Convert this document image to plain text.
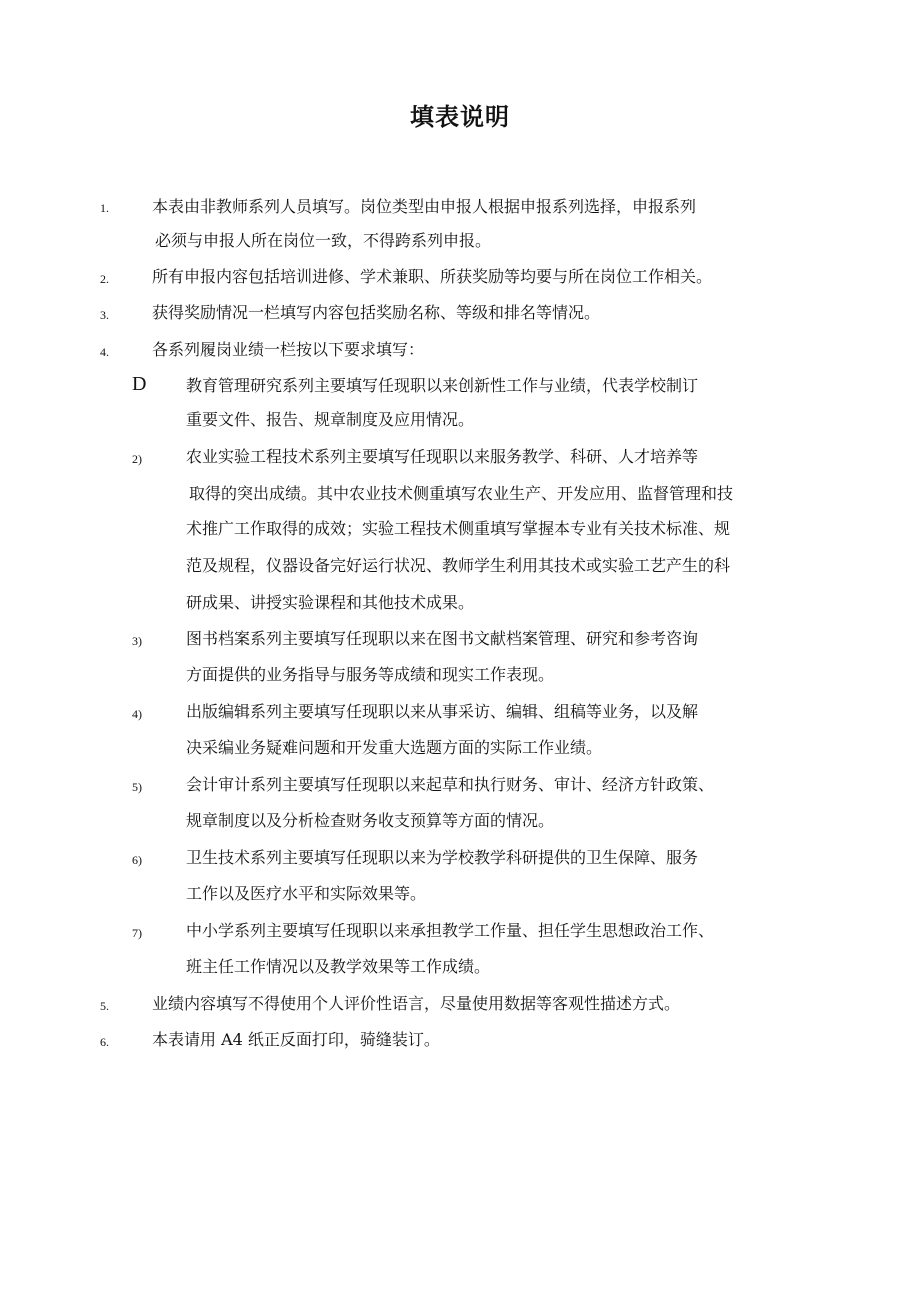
填表说明
1.	本表由非教师系列人员填写。岗位类型由申报人根据申报系列选择，申报系列
必须与申报人所在岗位一致，不得跨系列申报。
2.	所有申报内容包括培训进修、学术兼职、所获奖励等均要与所在岗位工作相关。
3.	获得奖励情况一栏填写内容包括奖励名称、等级和排名等情况。
4.	各系列履岗业绩一栏按以下要求填写：
D 教育管理研究系列主要填写任现职以来创新性工作与业绩，代表学校制订
重要文件、报告、规章制度及应用情况。
2)	农业实验工程技术系列主要填写任现职以来服务教学、科研、人才培养等
取得的突出成绩。其中农业技术侧重填写农业生产、开发应用、监督管理和技
术推广工作取得的成效；实验工程技术侧重填写掌握本专业有关技术标准、规
范及规程，仪器设备完好运行状况、教师学生利用其技术或实验工艺产生的科
研成果、讲授实验课程和其他技术成果。
3)	图书档案系列主要填写任现职以来在图书文献档案管理、研究和参考咨询
方面提供的业务指导与服务等成绩和现实工作表现。
4)	出版编辑系列主要填写任现职以来从事采访、编辑、组稿等业务，以及解
决采编业务疑难问题和开发重大选题方面的实际工作业绩。
5)	会计审计系列主要填写任现职以来起草和执行财务、审计、经济方针政策、
规章制度以及分析检查财务收支预算等方面的情况。
6)	卫生技术系列主要填写任现职以来为学校教学科研提供的卫生保障、服务
工作以及医疗水平和实际效果等。
7)	中小学系列主要填写任现职以来承担教学工作量、担任学生思想政治工作、
班主任工作情况以及教学效果等工作成绩。
5.	业绩内容填写不得使用个人评价性语言，尽量使用数据等客观性描述方式。
6.	本表请用 A4 纸正反面打印，骑缝装订。
